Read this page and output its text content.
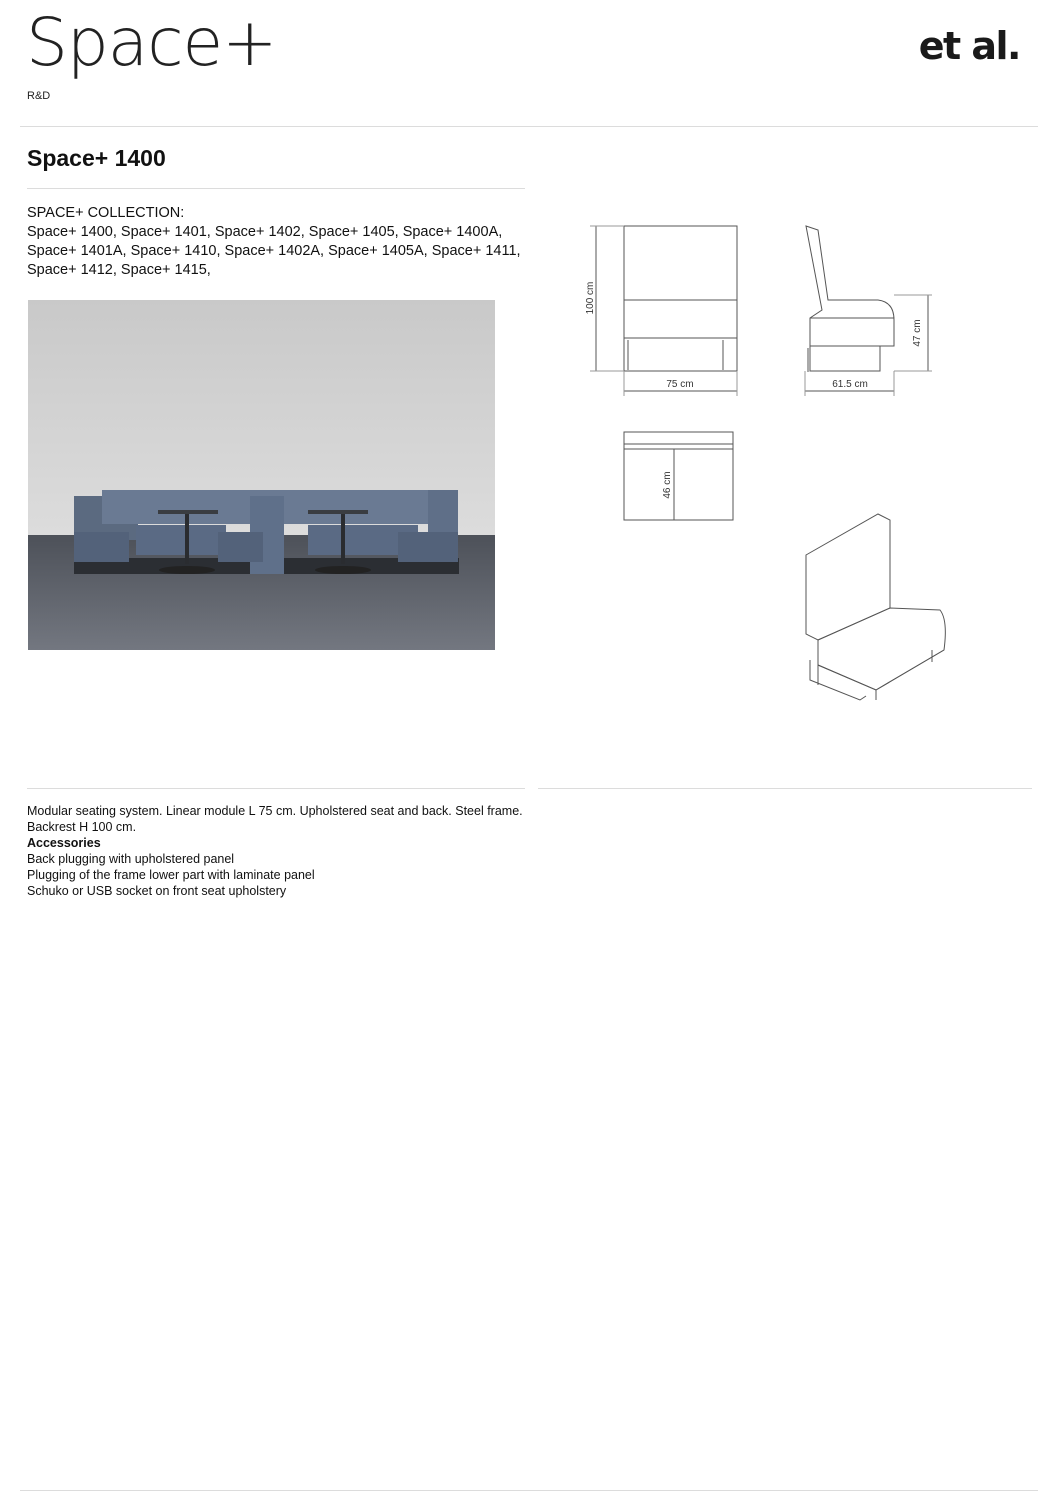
Space+
R&D
et al.
Space+ 1400
SPACE+ COLLECTION:
Space+ 1400, Space+ 1401, Space+ 1402, Space+ 1405, Space+ 1400A, Space+ 1401A, Space+ 1410, Space+ 1402A, Space+ 1405A, Space+ 1411, Space+ 1412, Space+ 1415,
100 cm
75 cm	61.5 cm
47 cm
46 cm
Modular seating system. Linear module L 75 cm. Upholstered seat and back. Steel frame. Backrest H 100 cm.
Accessories
Back plugging with upholstered panel
Plugging of the frame lower part with laminate panel
Schuko or USB socket on front seat upholstery
